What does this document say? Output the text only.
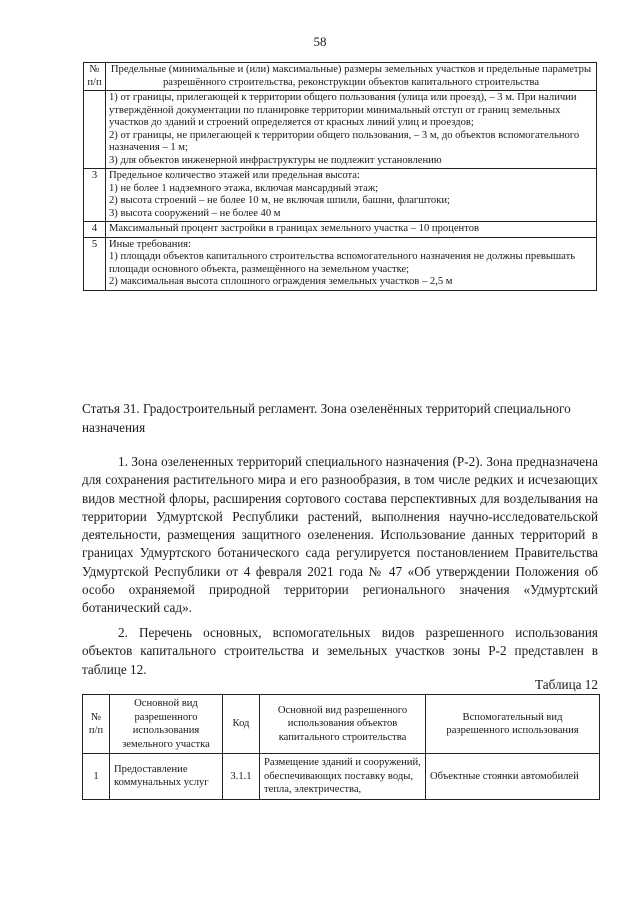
58
№ п/п	Предельные (минимальные и (или) максимальные) размеры земельных участков и предельные параметры разрешённого строительства, реконструкции объектов капитального строительства

	1) от границы, прилегающей к территории общего пользования (улица или проезд), – 3 м. При наличии утверждённой документации по планировке территории минимальный отступ от границ земельных участков до зданий и строений определяется от красных линий улиц и проездов;
2) от границы, не прилегающей к территории общего пользования, – 3 м, до объектов вспомогательного назначения – 1 м;
3) для объектов инженерной инфраструктуры не подлежит установлению

3	Предельное количество этажей или предельная высота:
1) не более 1 надземного этажа, включая мансардный этаж;
2) высота строений – не более 10 м, не включая шпили, башни, флагштоки;
3) высота сооружений – не более 40 м

4	Максимальный процент застройки в границах земельного участка – 10 процентов

5	Иные требования:
1) площади объектов капитального строительства вспомогательного назначения не должны превышать площади основного объекта, размещённого на земельном участке;
2) максимальная высота сплошного ограждения земельных участков – 2,5 м
Статья 31. Градостроительный регламент. Зона озеленённых территорий специального назначения
1. Зона озелененных территорий специального назначения (Р-2). Зона предназначена для сохранения растительного мира и его разнообразия, в том числе редких и исчезающих видов местной флоры, расширения сортового состава перспективных для возделывания на территории Удмуртской Республики растений, выполнения научно-исследовательской деятельности, размещения защитного озеленения. Использование данных территорий в границах Удмуртского ботанического сада регулируется постановлением Правительства Удмуртской Республики от 4 февраля 2021 года № 47 «Об утверждении Положения об особо охраняемой природной территории регионального значения «Удмуртский ботанический сад».
2. Перечень основных, вспомогательных видов разрешенного использования объектов капитального строительства и земельных участков зоны Р-2 представлен в таблице 12.
Таблица 12
№ п/п	Основной вид разрешенного использования земельного участка	Код	Основной вид разрешенного использования объектов капитального строительства	Вспомогательный вид разрешенного использования
1	Предоставление коммунальных услуг	3.1.1	Размещение зданий и сооружений, обеспечивающих поставку воды, тепла, электричества,	Объектные стоянки автомобилей
